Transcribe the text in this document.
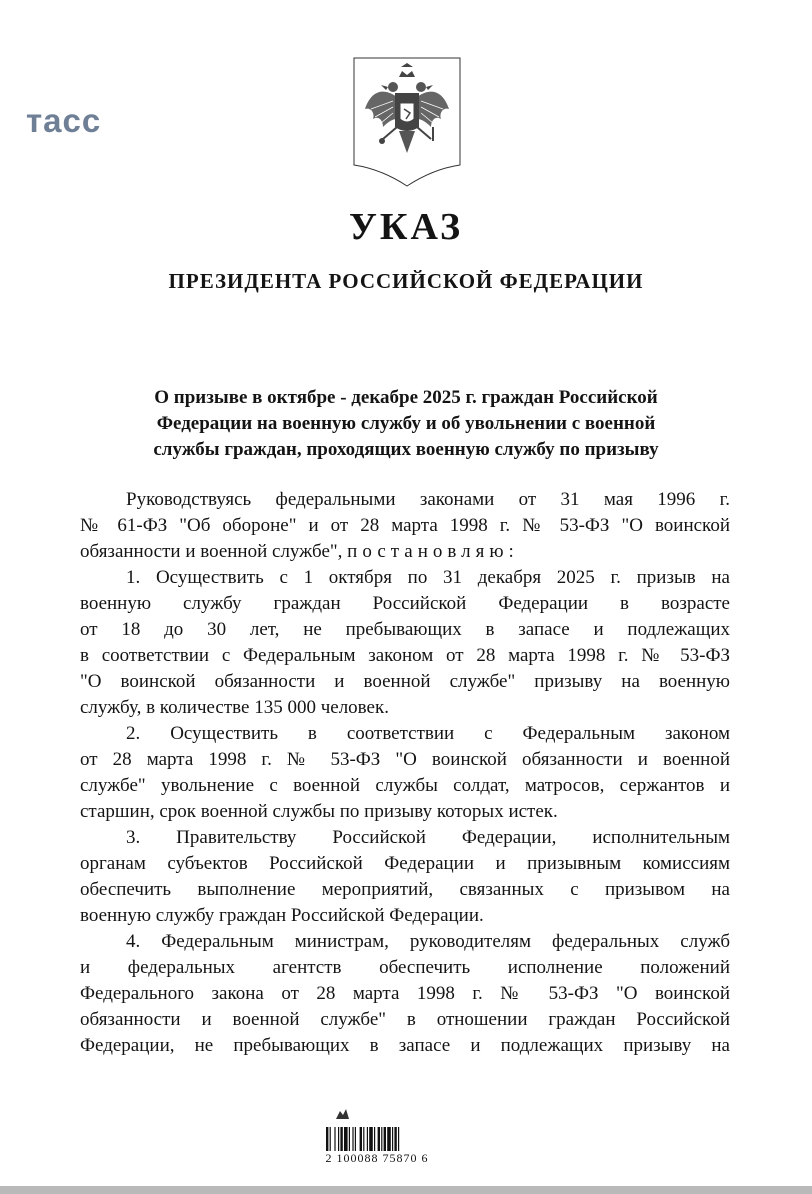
тасс
УКАЗ
ПРЕЗИДЕНТА РОССИЙСКОЙ ФЕДЕРАЦИИ
О призыве в октябре - декабре 2025 г. граждан Российской
Федерации на военную службу и об увольнении с военной
службы граждан, проходящих военную службу по призыву
Руководствуясь федеральными законами от 31 мая 1996 г.
№ 61-ФЗ "Об обороне" и от 28 марта 1998 г. № 53-ФЗ "О воинской
обязанности и военной службе", постановляю:
1. Осуществить с 1 октября по 31 декабря 2025 г. призыв на
военную службу граждан Российской Федерации в возрасте
от 18 до 30 лет, не пребывающих в запасе и подлежащих
в соответствии с Федеральным законом от 28 марта 1998 г. № 53-ФЗ
"О воинской обязанности и военной службе" призыву на военную
службу, в количестве 135 000 человек.
2. Осуществить в соответствии с Федеральным законом
от 28 марта 1998 г. № 53-ФЗ "О воинской обязанности и военной
службе" увольнение с военной службы солдат, матросов, сержантов и
старшин, срок военной службы по призыву которых истек.
3. Правительству Российской Федерации, исполнительным
органам субъектов Российской Федерации и призывным комиссиям
обеспечить выполнение мероприятий, связанных с призывом на
военную службу граждан Российской Федерации.
4. Федеральным министрам, руководителям федеральных служб
и федеральных агентств обеспечить исполнение положений
Федерального закона от 28 марта 1998 г. № 53-ФЗ "О воинской
обязанности и военной службе" в отношении граждан Российской
Федерации, не пребывающих в запасе и подлежащих призыву на
2 100088 75870 6
